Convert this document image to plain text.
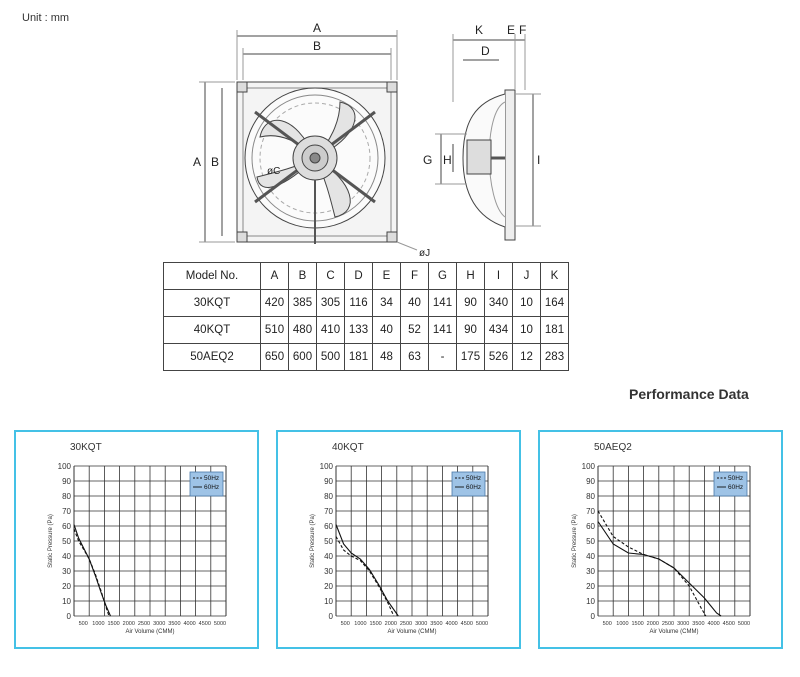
Unit : mm
A
B
A B
øC
øJ
K E F
D
G H	I
Model No.	A	B	C	D	E	F	G	H	I	J	K
30KQT	420	385	305	116	34	40	141	90	340	10	164
40KQT	510	480	410	133	40	52	141	90	434	10	181
50AEQ2	650	600	500	181	48	63	-	175	526	12	283
Performance Data
30KQT
0
10
20
30
40
50
60
70
80
90
100
500 1000 1500 2000 2500 3000 3500 4000 4500 5000
Air Volume (CMM)
Static Pressure (Pa)
50Hz
60Hz
40KQT
0
10
20
30
40
50
60
70
80
90
100
500 1000 1500 2000 2500 3000 3500 4000 4500 5000
Air Volume (CMM)
Static Pressure (Pa)
50Hz
60Hz
50AEQ2
0
10
20
30
40
50
60
70
80
90
100
500 1000 1500 2000 2500 3000 3500 4000 4500 5000
Air Volume (CMM)
Static Pressure (Pa)
50Hz
60Hz
